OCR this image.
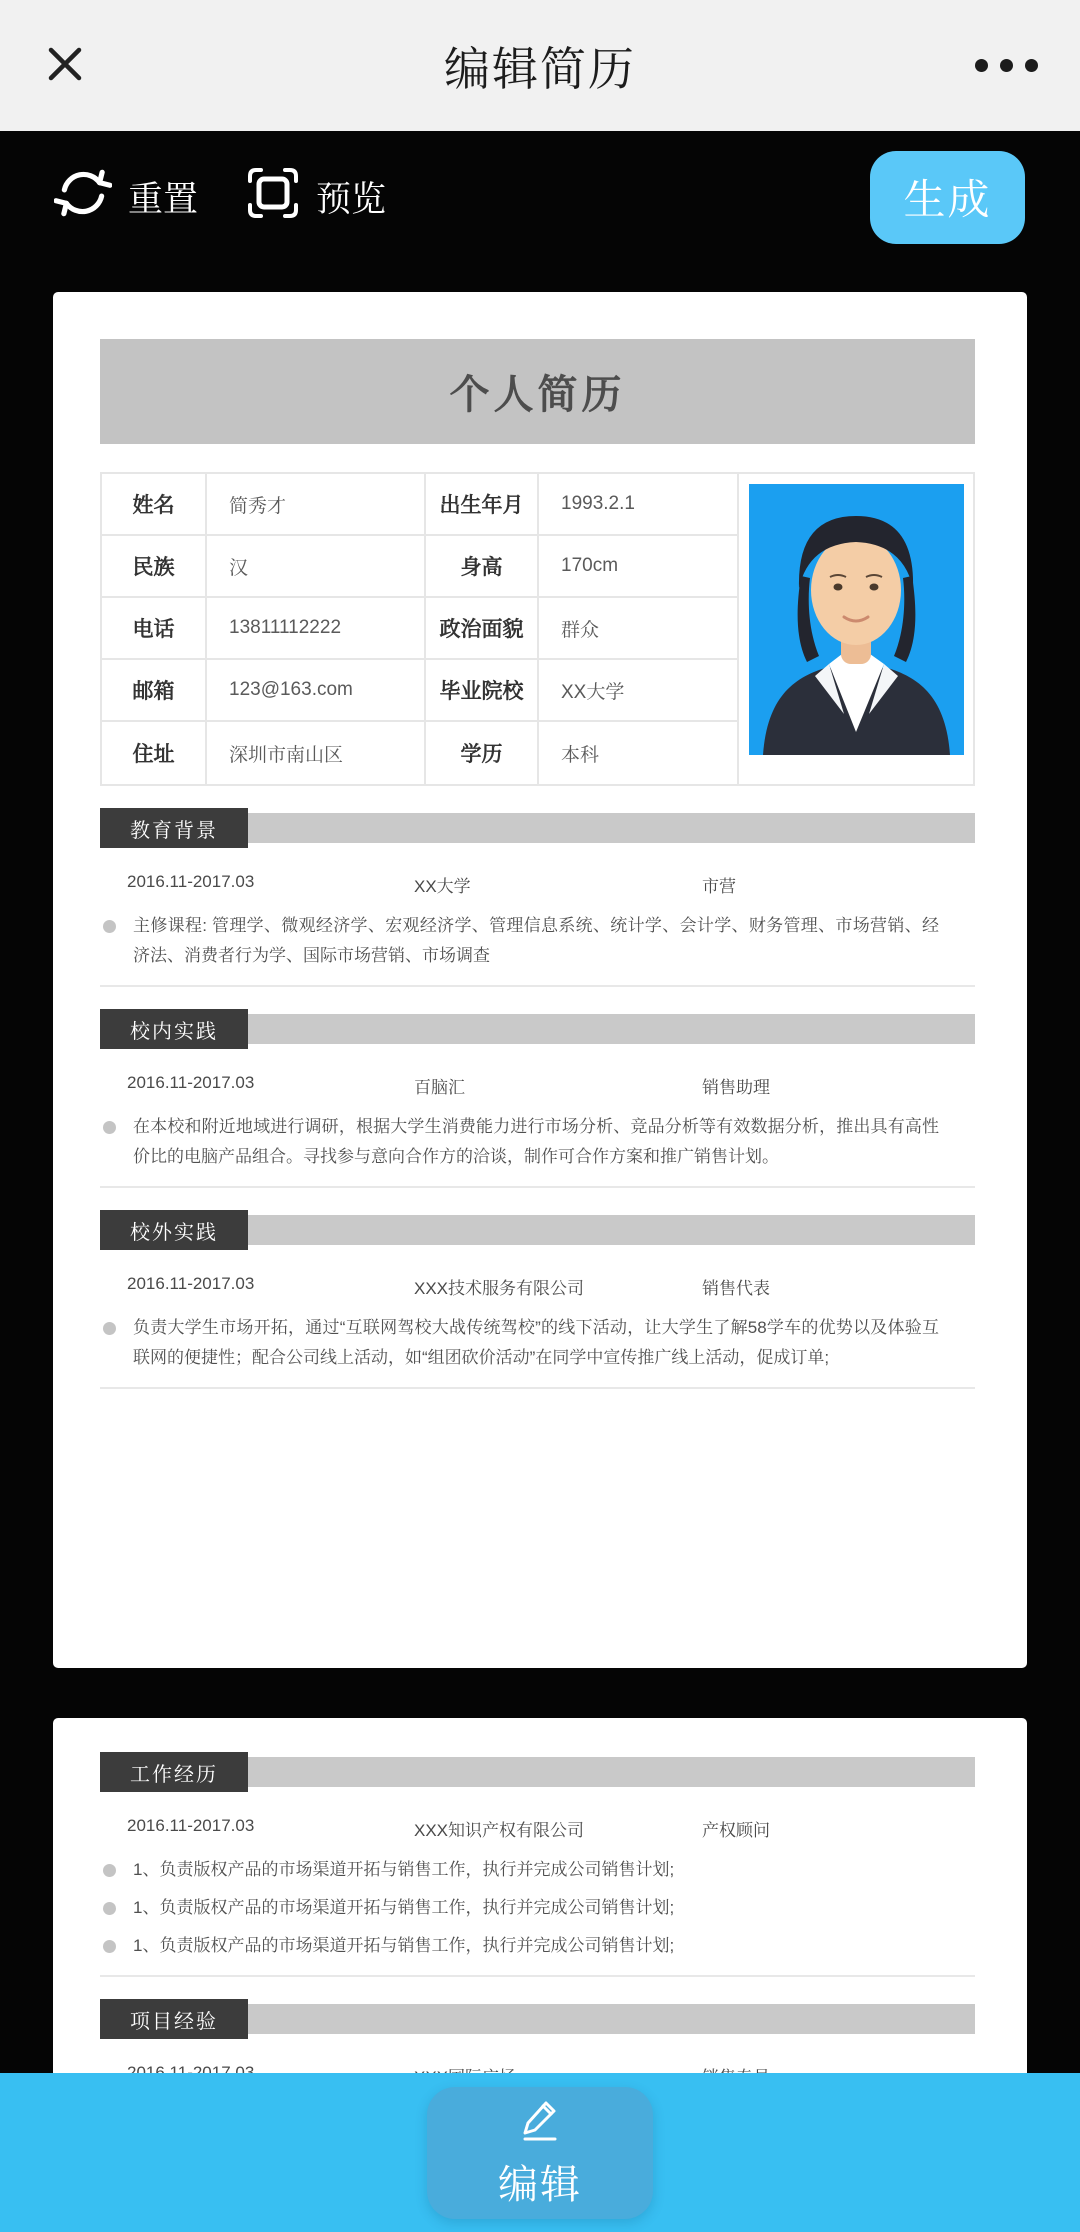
编辑简历
重置	预览	生成
个人简历
姓名	简秀才	出生年月	1993.2.1
民族	汉	身高	170cm
电话	13811112222	政治面貌	群众
邮箱	123@163.com	毕业院校	XX大学
住址	深圳市南山区	学历	本科
教育背景
2016.11-2017.03	XX大学	市营
主修课程: 管理学、微观经济学、宏观经济学、管理信息系统、统计学、会计学、财务管理、市场营销、经济法、消费者行为学、国际市场营销、市场调查
校内实践
2016.11-2017.03	百脑汇	销售助理
在本校和附近地域进行调研，根据大学生消费能力进行市场分析、竞品分析等有效数据分析，推出具有高性价比的电脑产品组合。寻找参与意向合作方的洽谈，制作可合作方案和推广销售计划。
校外实践
2016.11-2017.03	XXX技术服务有限公司	销售代表
负责大学生市场开拓，通过“互联网驾校大战传统驾校”的线下活动，让大学生了解58学车的优势以及体验互联网的便捷性；配合公司线上活动，如“组团砍价活动”在同学中宣传推广线上活动，促成订单;
工作经历
2016.11-2017.03	XXX知识产权有限公司	产权顾问
1、负责版权产品的市场渠道开拓与销售工作，执行并完成公司销售计划;
1、负责版权产品的市场渠道开拓与销售工作，执行并完成公司销售计划;
1、负责版权产品的市场渠道开拓与销售工作，执行并完成公司销售计划;
项目经验
编辑
